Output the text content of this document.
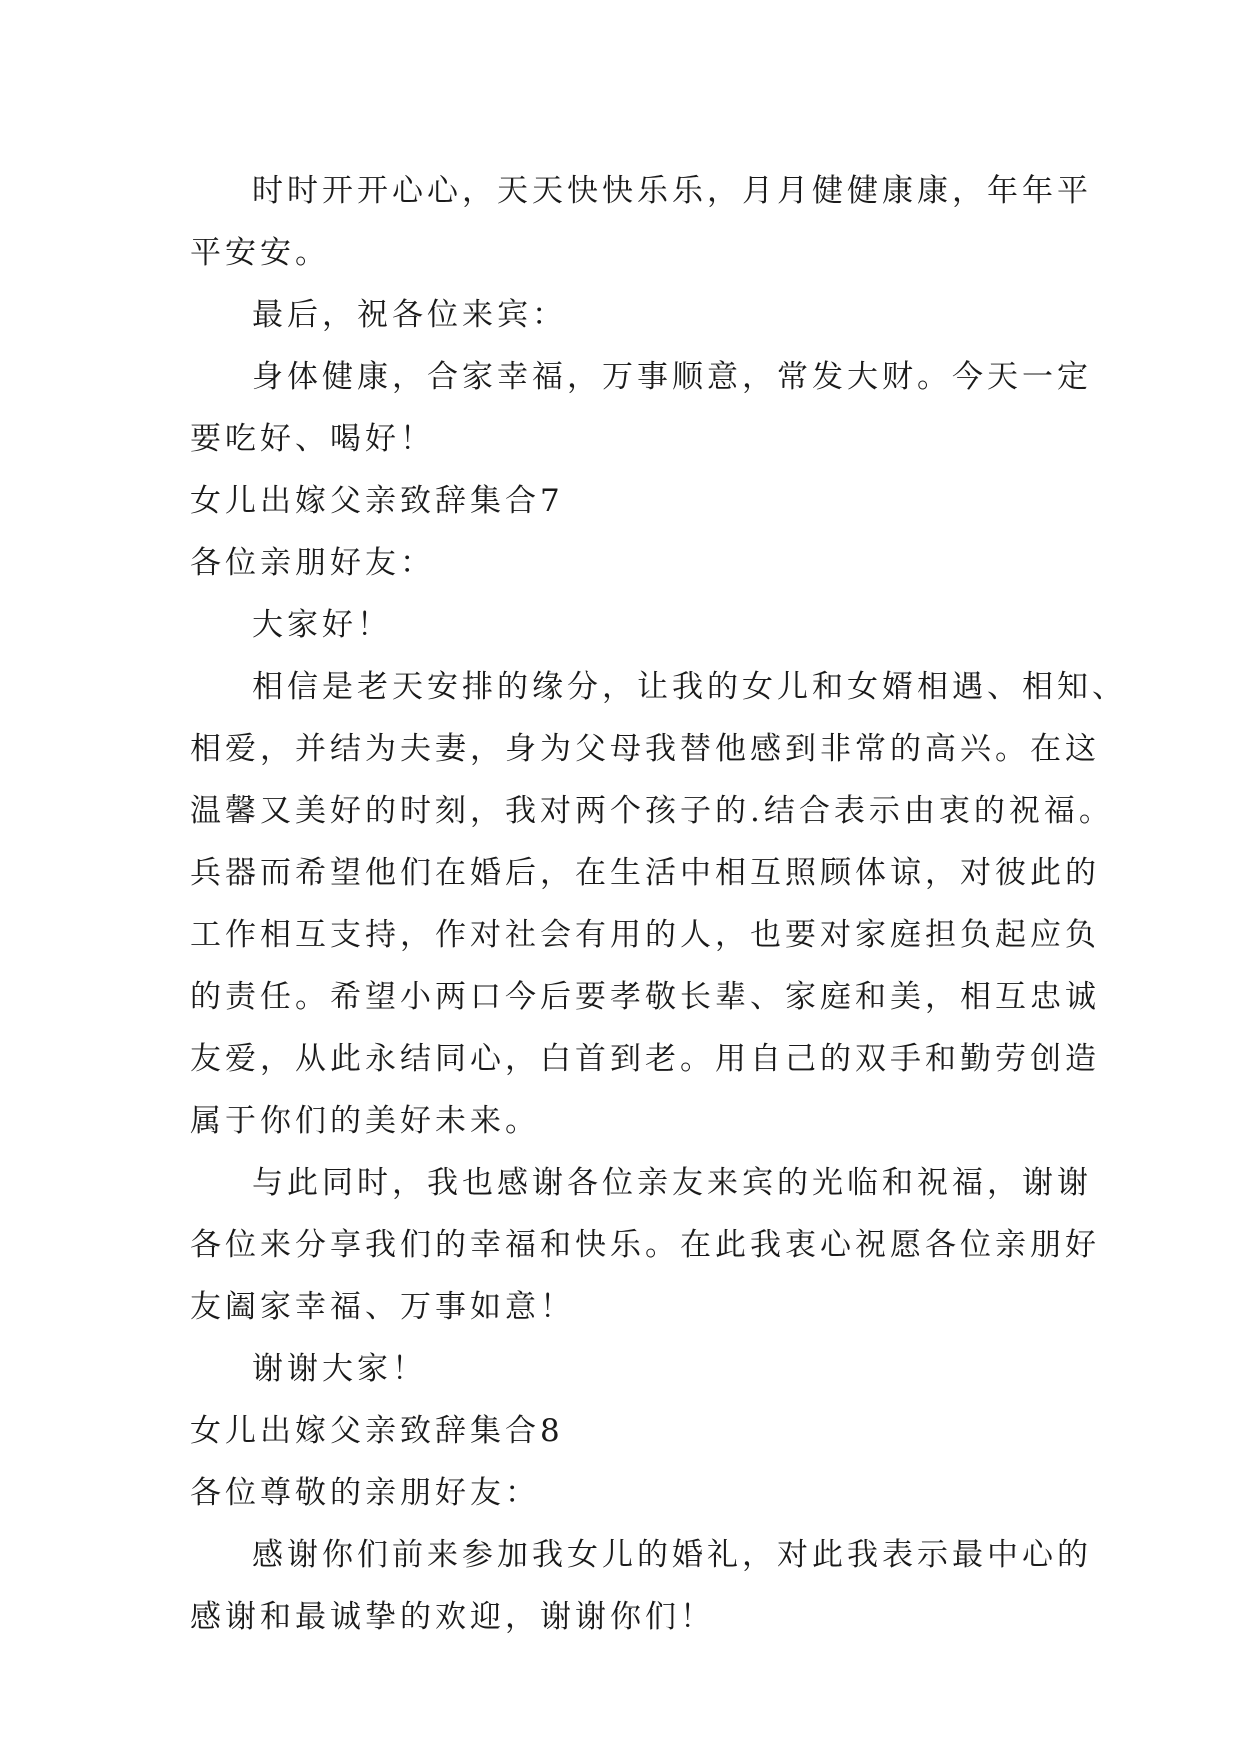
时时开开心心，天天快快乐乐，月月健健康康，年年平

平安安。

最后，祝各位来宾：

身体健康，合家幸福，万事顺意，常发大财。今天一定

要吃好、喝好！

女儿出嫁父亲致辞集合7

各位亲朋好友：

大家好！

相信是老天安排的缘分，让我的女儿和女婿相遇、相知、

相爱，并结为夫妻，身为父母我替他感到非常的高兴。在这

温馨又美好的时刻，我对两个孩子的.结合表示由衷的祝福。

兵器而希望他们在婚后，在生活中相互照顾体谅，对彼此的

工作相互支持，作对社会有用的人，也要对家庭担负起应负

的责任。希望小两口今后要孝敬长辈、家庭和美，相互忠诚

友爱，从此永结同心，白首到老。用自己的双手和勤劳创造

属于你们的美好未来。

与此同时，我也感谢各位亲友来宾的光临和祝福，谢谢

各位来分享我们的幸福和快乐。在此我衷心祝愿各位亲朋好

友阖家幸福、万事如意！

谢谢大家！

女儿出嫁父亲致辞集合8

各位尊敬的亲朋好友：

感谢你们前来参加我女儿的婚礼，对此我表示最中心的

感谢和最诚挚的欢迎，谢谢你们！
